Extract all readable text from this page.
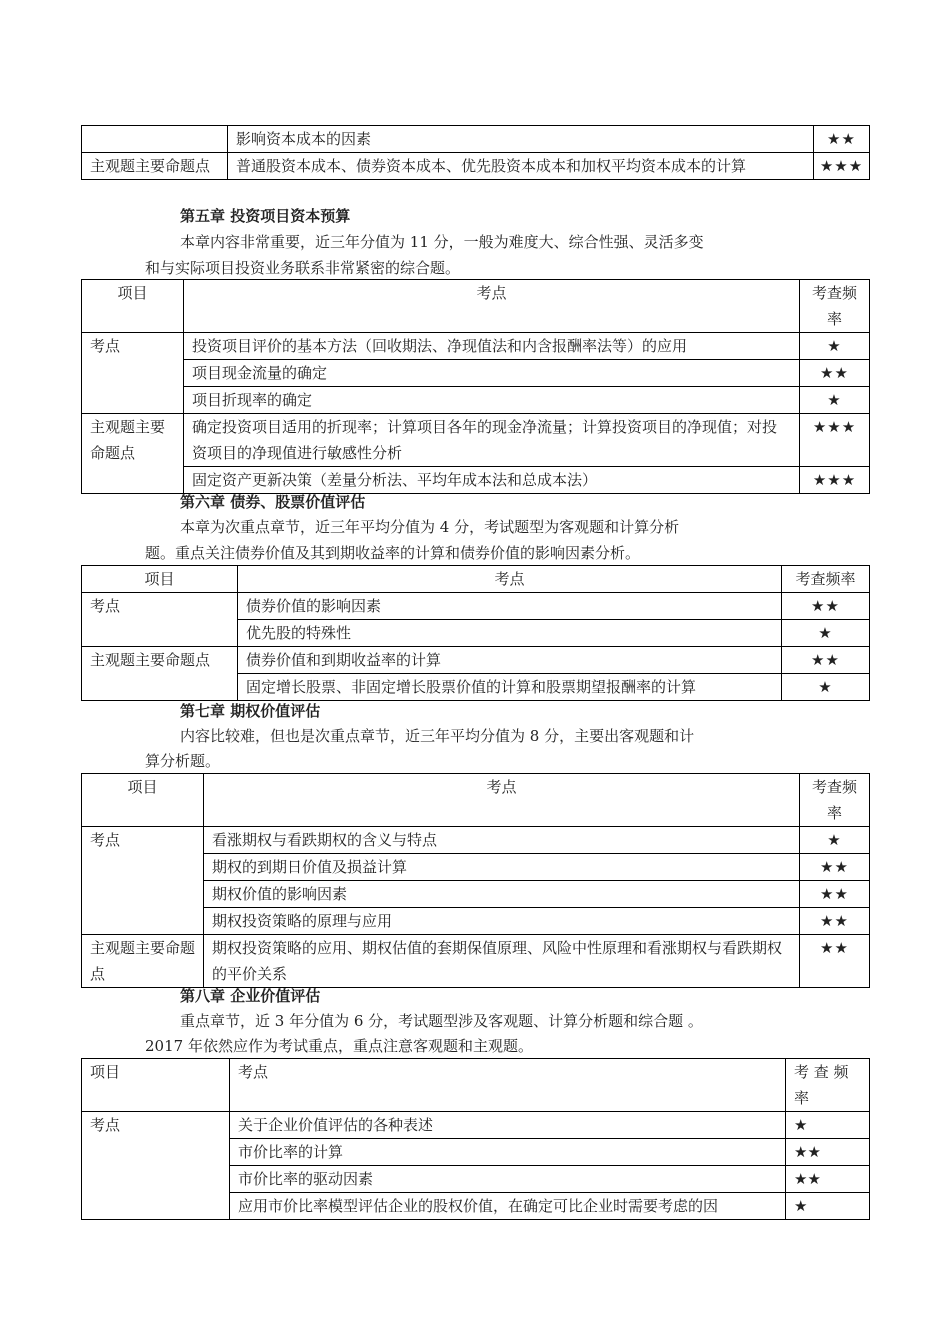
	影响资本成本的因素	★★
主观题主要命题点	普通股资本成本、债券资本成本、优先股资本成本和加权平均资本成本的计算	★★★
第五章 投资项目资本预算
本章内容非常重要，近三年分值为 11 分，一般为难度大、综合性强、灵活多变
和与实际项目投资业务联系非常紧密的综合题。
项目	考点	考查频率
考点	投资项目评价的基本方法（回收期法、净现值法和内含报酬率法等）的应用	★
	项目现金流量的确定	★★
	项目折现率的确定	★
主观题主要命题点	确定投资项目适用的折现率；计算项目各年的现金净流量；计算投资项目的净现值；对投资项目的净现值进行敏感性分析	★★★
	固定资产更新决策（差量分析法、平均年成本法和总成本法）	★★★
第六章 债券、股票价值评估
本章为次重点章节，近三年平均分值为 4 分，考试题型为客观题和计算分析
题。重点关注债券价值及其到期收益率的计算和债券价值的影响因素分析。
项目	考点	考查频率
考点	债券价值的影响因素	★★
	优先股的特殊性	★
主观题主要命题点	债券价值和到期收益率的计算	★★
	固定增长股票、非固定增长股票价值的计算和股票期望报酬率的计算	★
第七章 期权价值评估
内容比较难，但也是次重点章节，近三年平均分值为 8 分，主要出客观题和计
算分析题。
项目	考点	考查频率
考点	看涨期权与看跌期权的含义与特点	★
	期权的到期日价值及损益计算	★★
	期权价值的影响因素	★★
	期权投资策略的原理与应用	★★
主观题主要命题点	期权投资策略的应用、期权估值的套期保值原理、风险中性原理和看涨期权与看跌期权的平价关系	★★
第八章 企业价值评估
重点章节，近 3 年分值为 6 分，考试题型涉及客观题、计算分析题和综合题 。
2017 年依然应作为考试重点，重点注意客观题和主观题。
项目	考点	考 查 频 率
考点	关于企业价值评估的各种表述	★
	市价比率的计算	★★
	市价比率的驱动因素	★★
	应用市价比率模型评估企业的股权价值，在确定可比企业时需要考虑的因	★
